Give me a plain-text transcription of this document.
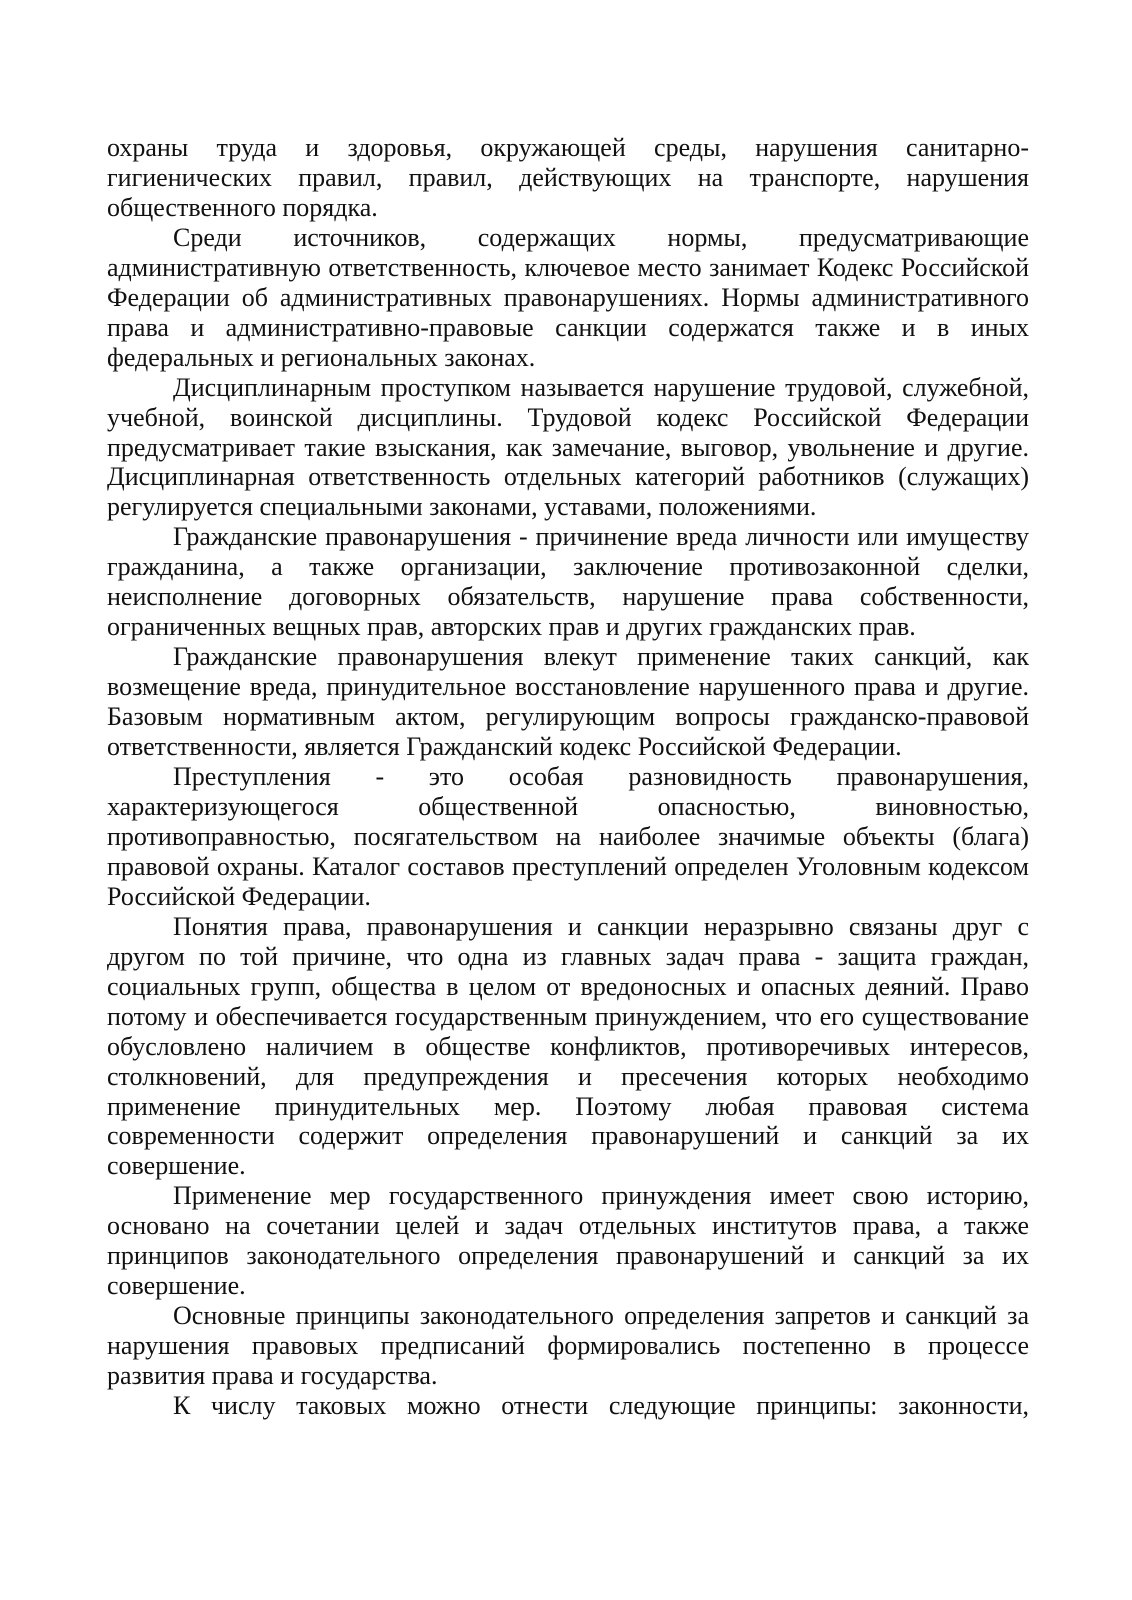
охраны труда и здоровья, окружающей среды, нарушения санитарно-гигиенических правил, правил, действующих на транспорте, нарушения общественного порядка.

Среди источников, содержащих нормы, предусматривающие административную ответственность, ключевое место занимает Кодекс Российской Федерации об административных правонарушениях. Нормы административного права и административно-правовые санкции содержатся также и в иных федеральных и региональных законах.

Дисциплинарным проступком называется нарушение трудовой, служебной, учебной, воинской дисциплины. Трудовой кодекс Российской Федерации предусматривает такие взыскания, как замечание, выговор, увольнение и другие. Дисциплинарная ответственность отдельных категорий работников (служащих) регулируется специальными законами, уставами, положениями.

Гражданские правонарушения - причинение вреда личности или имуществу гражданина, а также организации, заключение противозаконной сделки, неисполнение договорных обязательств, нарушение права собственности, ограниченных вещных прав, авторских прав и других гражданских прав.

Гражданские правонарушения влекут применение таких санкций, как возмещение вреда, принудительное восстановление нарушенного права и другие. Базовым нормативным актом, регулирующим вопросы гражданско-правовой ответственности, является Гражданский кодекс Российской Федерации.

Преступления - это особая разновидность правонарушения, характеризующегося общественной опасностью, виновностью, противоправностью, посягательством на наиболее значимые объекты (блага) правовой охраны. Каталог составов преступлений определен Уголовным кодексом Российской Федерации.

Понятия права, правонарушения и санкции неразрывно связаны друг с другом по той причине, что одна из главных задач права - защита граждан, социальных групп, общества в целом от вредоносных и опасных деяний. Право потому и обеспечивается государственным принуждением, что его существование обусловлено наличием в обществе конфликтов, противоречивых интересов, столкновений, для предупреждения и пресечения которых необходимо применение принудительных мер. Поэтому любая правовая система современности содержит определения правонарушений и санкций за их совершение.

Применение мер государственного принуждения имеет свою историю, основано на сочетании целей и задач отдельных институтов права, а также принципов законодательного определения правонарушений и санкций за их совершение.

Основные принципы законодательного определения запретов и санкций за нарушения правовых предписаний формировались постепенно в процессе развития права и государства.

К числу таковых можно отнести следующие принципы: законности,
